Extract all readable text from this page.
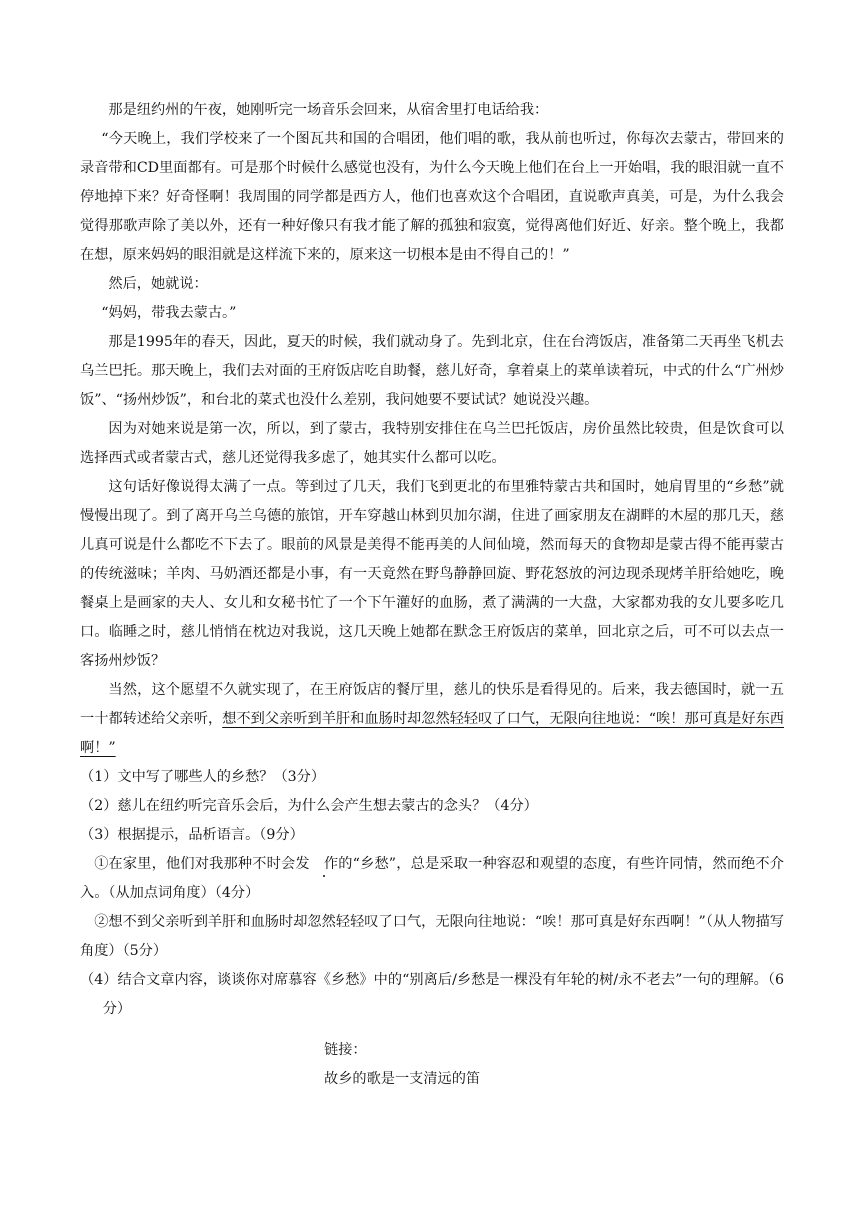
那是纽约州的午夜，她刚听完一场音乐会回来，从宿舍里打电话给我：

“今天晚上，我们学校来了一个图瓦共和国的合唱团，他们唱的歌，我从前也听过，你每次去蒙古，带回来的录音带和CD里面都有。可是那个时候什么感觉也没有，为什么今天晚上他们在台上一开始唱，我的眼泪就一直不停地掉下来？好奇怪啊！我周围的同学都是西方人，他们也喜欢这个合唱团，直说歌声真美，可是，为什么我会觉得那歌声除了美以外，还有一种好像只有我才能了解的孤独和寂寞，觉得离他们好近、好亲。整个晚上，我都在想，原来妈妈的眼泪就是这样流下来的，原来这一切根本是由不得自己的！”

然后，她就说：

“妈妈，带我去蒙古。”

那是1995年的春天，因此，夏天的时候，我们就动身了。先到北京，住在台湾饭店，准备第二天再坐飞机去乌兰巴托。那天晚上，我们去对面的王府饭店吃自助餐，慈儿好奇，拿着桌上的菜单读着玩，中式的什么“广州炒饭”、“扬州炒饭”，和台北的菜式也没什么差别，我问她要不要试试？她说没兴趣。

因为对她来说是第一次，所以，到了蒙古，我特别安排住在乌兰巴托饭店，房价虽然比较贵，但是饮食可以选择西式或者蒙古式，慈儿还觉得我多虑了，她其实什么都可以吃。

这句话好像说得太满了一点。等到过了几天，我们飞到更北的布里雅特蒙古共和国时，她肩胃里的“乡愁”就慢慢出现了。到了离开乌兰乌德的旅馆，开车穿越山林到贝加尔湖，住进了画家朋友在湖畔的木屋的那几天，慈儿真可说是什么都吃不下去了。眼前的风景是美得不能再美的人间仙境，然而每天的食物却是蒙古得不能再蒙古的传统滋味；羊肉、马奶酒还都是小事，有一天竟然在野鸟静静回旋、野花怒放的河边现杀现烤羊肝给她吃，晚餐桌上是画家的夫人、女儿和女秘书忙了一个下午灌好的血肠，煮了满满的一大盘，大家都劝我的女儿要多吃几口。临睡之时，慈儿悄悄在枕边对我说，这几天晚上她都在默念王府饭店的菜单，回北京之后，可不可以去点一客扬州炒饭？

当然，这个愿望不久就实现了，在王府饭店的餐厅里，慈儿的快乐是看得见的。后来，我去德国时，就一五一十都转述给父亲听，想不到父亲听到羊肝和血肠时却忽然轻轻叹了口气，无限向往地说：“唉！那可真是好东西啊！”

（1）文中写了哪些人的乡愁？（3分）

（2）慈儿在纽约听完音乐会后，为什么会产生想去蒙古的念头？（4分）

（3）根据提示，品析语言。（9分）

①在家里，他们对我那种不时会发 作的“乡愁”，总是采取一种容忍和观望的态度，有些许同情，然而绝不介入。（从加点词角度）（4分）

②想不到父亲听到羊肝和血肠时却忽然轻轻叹了口气，无限向往地说：“唉！那可真是好东西啊！”（从人物描写角度）（5分）

（4）结合文章内容，谈谈你对席慕容《乡愁》中的“别离后/乡愁是一棵没有年轮的树/永不老去”一句的理解。（6分）

链接：
故乡的歌是一支清远的笛
